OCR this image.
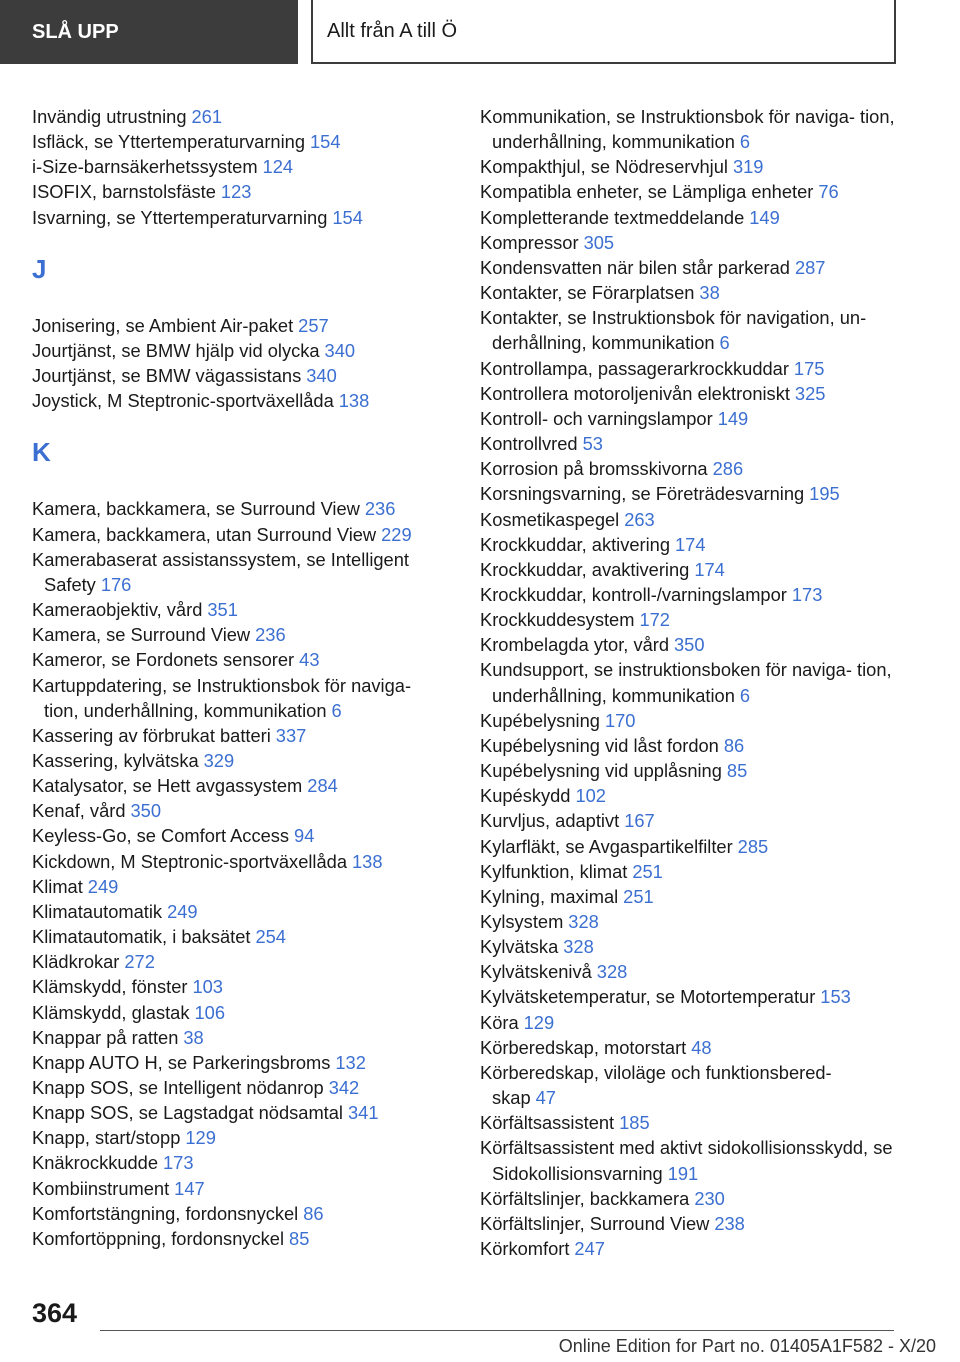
SLÅ UPP	Allt från A till Ö
Invändig utrustning 261
Isfläck, se Yttertemperaturvarning 154
i-Size-barnsäkerhetssystem 124
ISOFIX, barnstolsfäste 123
Isvarning, se Yttertemperaturvarning 154
J
Jonisering, se Ambient Air-paket 257
Jourtjänst, se BMW hjälp vid olycka 340
Jourtjänst, se BMW vägassistans 340
Joystick, M Steptronic-sportväxellåda 138
K
Kamera, backkamera, se Surround View 236
Kamera, backkamera, utan Surround View 229
Kamerabaserat assistanssystem, se Intelligent Safety 176
Kameraobjektiv, vård 351
Kamera, se Surround View 236
Kameror, se Fordonets sensorer 43
Kartuppdatering, se Instruktionsbok för naviga‐ tion, underhållning, kommunikation 6
Kassering av förbrukat batteri 337
Kassering, kylvätska 329
Katalysator, se Hett avgassystem 284
Kenaf, vård 350
Keyless-Go, se Comfort Access 94
Kickdown, M Steptronic-sportväxellåda 138
Klimat 249
Klimatautomatik 249
Klimatautomatik, i baksätet 254
Klädkrokar 272
Klämskydd, fönster 103
Klämskydd, glastak 106
Knappar på ratten 38
Knapp AUTO H, se Parkeringsbroms 132
Knapp SOS, se Intelligent nödanrop 342
Knapp SOS, se Lagstadgat nödsamtal 341
Knapp, start/stopp 129
Knäkrockkudde 173
Kombiinstrument 147
Komfortstängning, fordonsnyckel 86
Komfortöppning, fordonsnyckel 85
Kommunikation, se Instruktionsbok för naviga‐ tion, underhållning, kommunikation 6
Kompakthjul, se Nödreservhjul 319
Kompatibla enheter, se Lämpliga enheter 76
Kompletterande textmeddelande 149
Kompressor 305
Kondensvatten när bilen står parkerad 287
Kontakter, se Förarplatsen 38
Kontakter, se Instruktionsbok för navigation, un‐ derhållning, kommunikation 6
Kontrollampa, passagerarkrockkuddar 175
Kontrollera motoroljenivån elektroniskt 325
Kontroll- och varningslampor 149
Kontrollvred 53
Korrosion på bromsskivorna 286
Korsningsvarning, se Företrädesvarning 195
Kosmetikaspegel 263
Krockkuddar, aktivering 174
Krockkuddar, avaktivering 174
Krockkuddar, kontroll-/varningslampor 173
Krockkuddesystem 172
Krombelagda ytor, vård 350
Kundsupport, se instruktionsboken för naviga‐ tion, underhållning, kommunikation 6
Kupébelysning 170
Kupébelysning vid låst fordon 86
Kupébelysning vid upplåsning 85
Kupéskydd 102
Kurvljus, adaptivt 167
Kylarfläkt, se Avgaspartikelfilter 285
Kylfunktion, klimat 251
Kylning, maximal 251
Kylsystem 328
Kylvätska 328
Kylvätskenivå 328
Kylvätsketemperatur, se Motortemperatur 153
Köra 129
Körberedskap, motorstart 48
Körberedskap, viloläge och funktionsbered‐ skap 47
Körfältsassistent 185
Körfältsassistent med aktivt sidokollisionsskydd, se Sidokollisionsvarning 191
Körfältslinjer, backkamera 230
Körfältslinjer, Surround View 238
Körkomfort 247
364
Online Edition for Part no. 01405A1F582 - X/20
